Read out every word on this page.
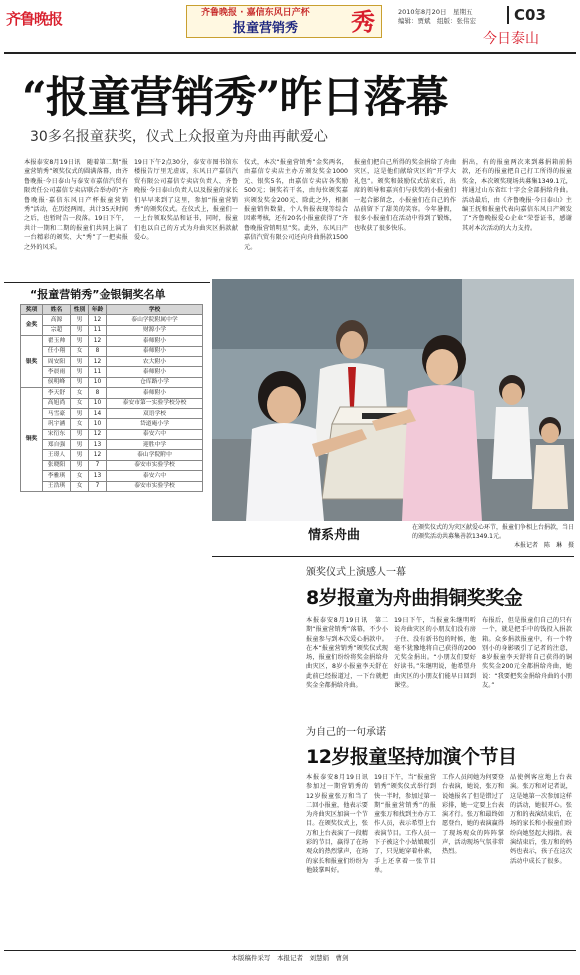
齐鲁晚报	齐鲁晚报 · 嘉信东风日产杯
报童营销秀 秀	2010年8月20日　星期五
编辑：贾斌　组版：张伟宏	C03
今日泰山
“报童营销秀”昨日落幕
30多名报童获奖，仪式上众报童为舟曲再献爱心
本报泰安8月19日讯　随着第二期“报童营销秀”颁奖仪式的圆满落幕，由齐鲁晚报·今日泰山与泰安市嘉信汽贸有限责任公司嘉信专卖店联合举办的“齐鲁晚报·嘉信东风日产杯报童营销秀”活动，在历经两周，共计35天时间之后，也暂时告一段落。19日下午，共计一期和二期的报童们共同上演了一台精彩的颁奖、大“秀”了一把卖报之外的风采。
19日下午2点30分，泰安市图书馆东楼报告厅里无虚席，东风日产嘉信汽贸有限公司嘉信专卖店负责人、齐鲁晚报·今日泰山负责人以及报童的家长们早早来到了这里，参加“报童营销秀”的颁奖仪式。在仪式上，报童们一一上台领取奖品和证书，同时，报童们也以自己的方式为舟曲灾区捐款献爱心。
仪式，本次“报童营销秀”金奖两名，由嘉信专卖店主办方颁发奖金1000元、银奖5名，由嘉信专卖店各奖励500元；铜奖若干名，由每位颁奖嘉宾颁发奖金200元、除此之外，根据报童销售数量，个人售报表现等综合因素考核，还有20名小报童获得了“齐鲁晚报营销明星”奖。此外，东风日产嘉信汽贸有限公司还向舟曲捐款1500元。
报童们把自己所得的奖金捐给了舟曲灾区，这是他们献给灾区的“开学大礼包”。颁奖和鼓励仪式结束后，出席的领导和嘉宾们与获奖的小报童们一起合影留念，小报童们在自己的作品前留下了甜美的笑容。今年暑假，很多小报童们在活动中得到了锻炼，也收获了很多快乐。
捐出，有的报童两次来到募捐箱前捐款，还有的报童把自己打工所得的报童奖金，本次颁奖现场共募集1349.1元，将通过山东省红十字会全部捐给舟曲。活动最后，由《齐鲁晚报·今日泰山》主编王抚和报童代表向嘉信东风日产颁发了“齐鲁晚报爱心企业”荣誉证书，感谢其对本次活动的大力支持。
“报童营销秀”金银铜奖名单
奖项	姓名	性别	年龄	学校
金奖	高源	男	12	泰山学院附属中学
	宗超	男	11	财源小学
银奖	翟玉帅	男	12	泰师附小
	任小翔	女	8	泰师附小
	周安阳	男	12	农大附小
	李晨雨	男	11	泰师附小
	侯明峰	男	10	仓库路小学
铜奖	李天舒	女	8	泰师附小
	高旭尚	女	10	泰安市第一实验学校分校
	马雪豪	男	14	双语学校
	巩宇涵	女	10	岱道庵小学
	宋衍东	男	12	泰安六中
	郑自强	男	13	迎胜中学
	王璟人	男	12	泰山学院附中
	张晓阳	男	7	泰安市实验学校
	李雅琪	女	13	泰安六中
	王浩琪	女	7	泰安市实验学校
情系舟曲
在颁奖仪式的为灾区献爱心环节，报童们争相上台捐款，当日的颁奖活动共募集善款1349.1元。
本报记者　陈　琳　摄
颁奖仪式上演感人一幕
8岁报童为舟曲捐铜奖奖金
本报泰安8月19日讯　第二期“报童营销秀”落幕，不少小报童参与到本次爱心捐款中。在本“报童营销秀”颁奖仪式现场，报童们纷纷将奖金捐给舟曲灾区，8岁小报童李天舒在此前已经报道过，一下台就把奖金全都捐给舟曲。
19日下午，当报童朱继明听说舟曲灾区的小朋友们没有房子住、没有新书包的时候，他毫不犹豫地将自己获得的200元奖金捐出。“小朋友们要好好读书。”朱继明说，他希望舟曲灾区的小朋友们能早日回到课堂。
布报后，但是报童们自己的只有一个，就是把手中的钱投入捐款箱。众多捐款报童中，有一个特别小的身影吸引了记者的注意，8岁报童李天舒将自己获得的铜奖奖金200元全都捐给舟曲，她说：“我要把奖金捐给舟曲的小朋友。”
为自己的一句承诺
12岁报童坚持加演个节目
本报泰安8月19日讯　参加过一期营销秀的12岁报童张万和当了二回小报童，他表示要为舟曲灾区加演一个节目。在颁奖仪式上，张万和上台表演了一段精彩的节目，赢得了在场观众的热烈掌声，在场的家长和报童们纷纷为他鼓掌叫好。
19日下午，当“报童营销秀”颁奖仪式举行到快一半时，参加过第一期“报童营销秀”的报童张万和找到主办方工作人员，表示希望上台表演节目。工作人员一下子被这个小姑娘吸引了，只见她穿着朴素，手上还拿着一张节目单。
工作人员问她为何要登台表演，她说，张万和说她报名了但是错过了彩排，她一定要上台表演才行。张万和最终如愿登台，她的表演赢得了现场观众的阵阵掌声，活动现场气氛非常热烈。
品使例客应地上台表演。张万和对记者说，这是她第一次参加这样的活动，她很开心。张万和的表演结束后，在场的家长和小报童们纷纷向她竖起大拇指。表演结束后，张万和的妈妈也表示，孩子在这次活动中成长了很多。
本版稿件采写　本报记者　刘慧娟　曹剑
